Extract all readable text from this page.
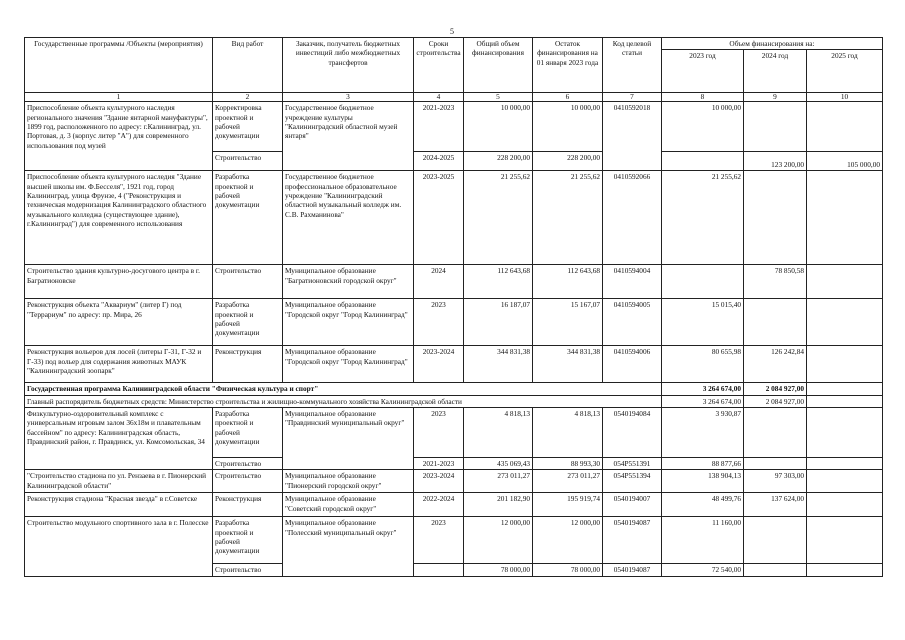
5
Государственные программы /Объекты (мероприятия)	Вид работ	Заказчик, получатель бюджетных инвестиций либо межбюджетных трансфертов	Сроки строительства	Общий объем финансирования	Остаток финансирования на 01 января 2023 года	Код целевой статьи	Объем финансирования на:		
							2023 год	2024 год	2025 год
1	2	3	4	5	6	7	8	9	10
Приспособление объекта культурного наследия регионального значения "Здание янтарной мануфактуры", 1899 год, расположенного по адресу: г.Калининград, ул. Портовая, д. 3 (корпус литер "А") для современного использования под музей	Корректировка проектной и рабочей документации	Государственное бюджетное учреждение культуры "Калининградский областной музей янтаря"	2021-2023	10 000,00	10 000,00	0410592018	10 000,00		
	Строительство		2024-2025	228 200,00	228 200,00			123 200,00	105 000,00
Приспособление объекта культурного наследия "Здание высшей школы им. Ф.Бесселя", 1921 год, город Калининград, улица Фрунзе, 4 ("Реконструкция и техническая модернизация Калининградского областного музыкального колледжа (существующее здание), г.Калининград") для современного использования	Разработка проектной и рабочей документации	Государственное бюджетное профессиональное образовательное учреждение "Калининградский областной музыкальный колледж им. С.В. Рахманинова"	2023-2025	21 255,62	21 255,62	0410592066	21 255,62		
Строительство здания культурно-досугового центра в г. Багратионовске	Строительство	Муниципальное образование "Багратионовский городской округ"	2024	112 643,68	112 643,68	0410594004		78 850,58	
Реконструкция объекта "Аквариум" (литер Г) под "Террариум" по адресу: пр. Мира, 26	Разработка проектной и рабочей документации	Муниципальное образование "Городской округ "Город Калининград"	2023	16 187,07	15 167,07	0410594005	15 015,40		
Реконструкция вольеров для лосей (литеры Г-31, Г-32 и Г-33) под вольер для содержания животных МАУК "Калининградский зоопарк"	Реконструкция	Муниципальное образование "Городской округ "Город Калининград"	2023-2024	344 831,38	344 831,38	0410594006	80 655,98	126 242,84	
Государственная программа Калининградской области "Физическая культура и спорт"							3 264 674,00	2 084 927,00	
Главный распорядитель бюджетных средств: Министерство строительства и жилищно-коммунального хозяйства Калининградской области							3 264 674,00	2 084 927,00	
Физкультурно-оздоровительный комплекс с универсальным игровым залом 36х18м и плавательным бассейном" по адресу: Калининградская область, Правдинский район, г. Правдинск, ул. Комсомольская, 34	Разработка проектной и рабочей документации	Муниципальное образование "Правдинский муниципальный округ"	2023	4 818,13	4 818,13	0540194084	3 930,87		
	Строительство		2021-2023	435 069,43	88 993,30	054P551391	88 877,66		
"Строительство стадиона по ул. Рензаева в г. Пионерский Калининградской области"	Строительство	Муниципальное образование "Пионерский городской округ"	2023-2024	273 011,27	273 011,27	054P551394	138 904,13	97 303,00	
Реконструкция стадиона "Красная звезда" в г.Советске	Реконструкция	Муниципальное образование "Советский городской округ"	2022-2024	201 182,90	195 919,74	0540194007	48 499,76	137 624,00	
Строительство модульного спортивного зала в г. Полесске	Разработка проектной и рабочей документации	Муниципальное образование "Полесский муниципальный округ"	2023	12 000,00	12 000,00	0540194087	11 160,00		
	Строительство			78 000,00	78 000,00	0540194087	72 540,00		
